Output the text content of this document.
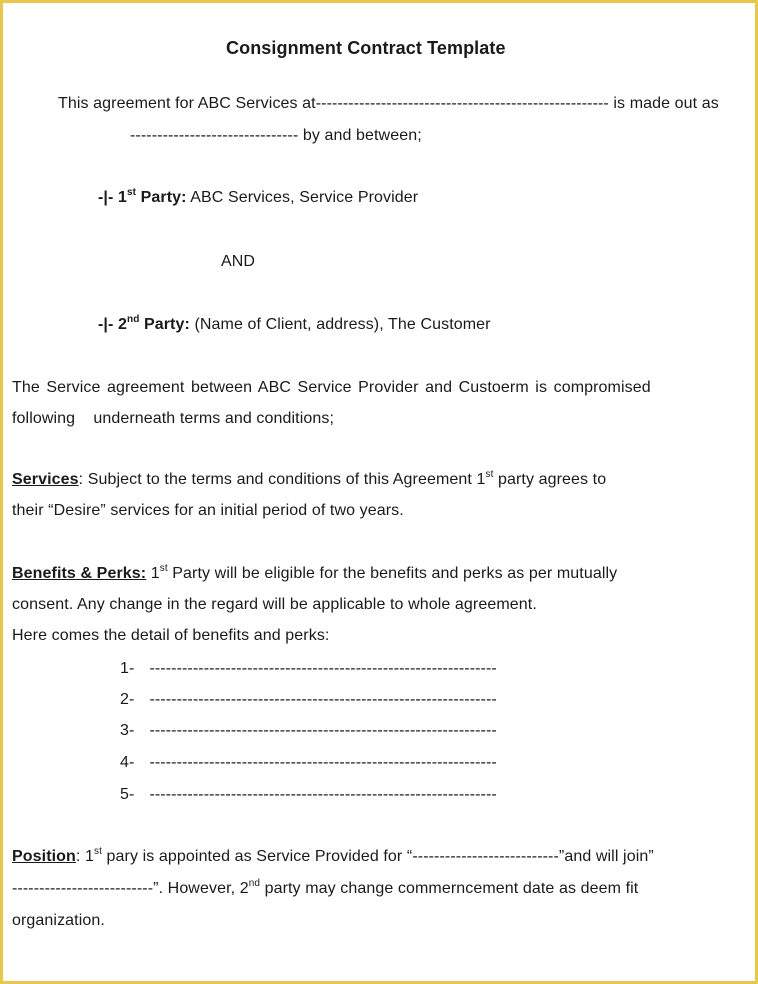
Consignment Contract Template
This agreement for ABC Services at------------------------------------------------------ is made out as
------------------------------- by and between;
-|- 1st Party: ABC Services, Service Provider
AND
-|- 2nd Party: (Name of Client, address), The Customer
The Service agreement between ABC Service Provider and Custoerm is compromised
following    underneath terms and conditions;
Services: Subject to the terms and conditions of this Agreement 1st party agrees to
their “Desire” services for an initial period of two years.
Benefits & Perks: 1st Party will be eligible for the benefits and perks as per mutually
consent. Any change in the regard will be applicable to whole agreement.
Here comes the detail of benefits and perks:
1- ----------------------------------------------------------------
2- ----------------------------------------------------------------
3- ----------------------------------------------------------------
4- ----------------------------------------------------------------
5- ----------------------------------------------------------------
Position: 1st pary is appointed as Service Provided for “---------------------------”and will join”
--------------------------”. However, 2nd party may change commerncement date as deem fit
organization.
